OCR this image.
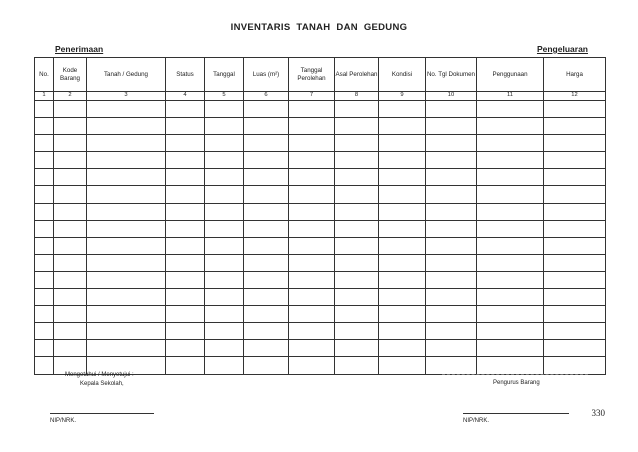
INVENTARIS TANAH DAN GEDUNG
Penerimaan	Pengeluaran
No.	Kode Barang	Tanah / Gedung	Status	Tanggal	Luas (m²)	Tanggal Perolehan	Asal Perolehan	Kondisi	No. Tgl Dokumen	Penggunaan	Harga
1	2	3	4	5	6	7	8	9	10	11	12

Mengetahui / Menyetujui :
Kepala Sekolah,	Pengurus Barang
NIP/NRK.	NIP/NRK.
330
